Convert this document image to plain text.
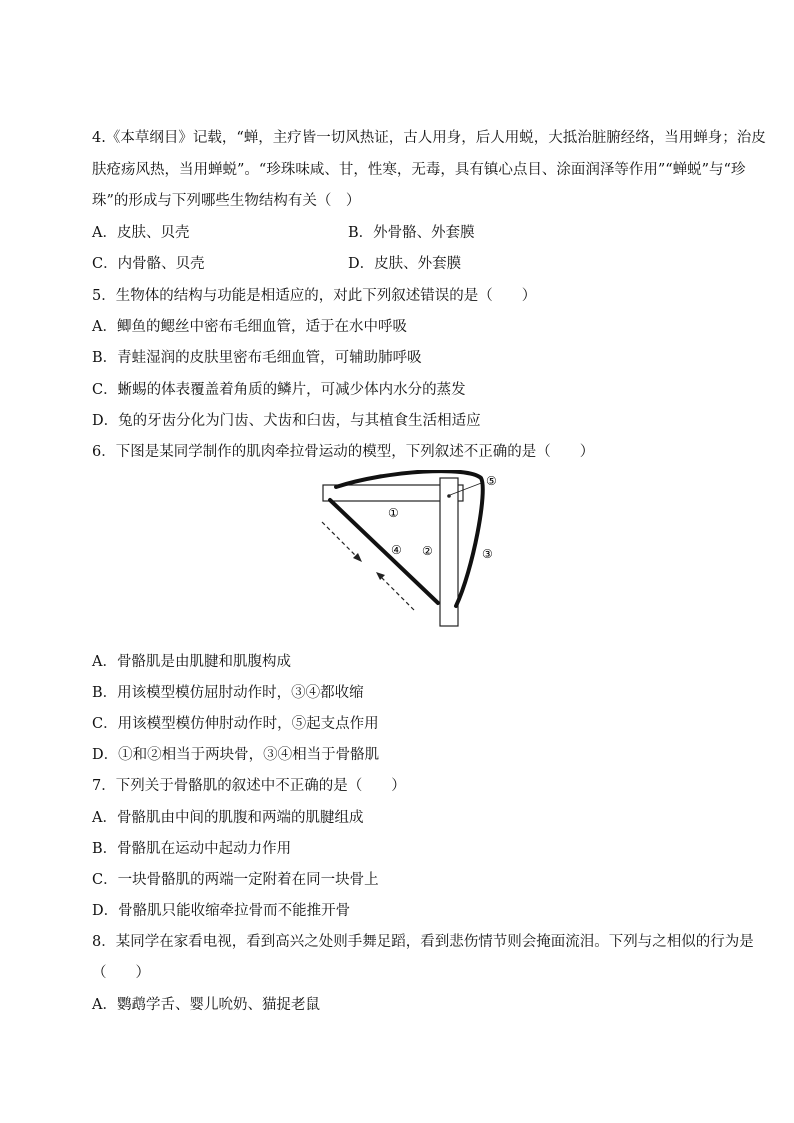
4.《本草纲目》记载，“蝉，主疗皆一切风热证，古人用身，后人用蜕，大抵治脏腑经络，当用蝉身；治皮
肤疮疡风热，当用蝉蜕”。“珍珠味咸、甘，性寒，无毒，具有镇心点目、涂面润泽等作用”“蝉蜕”与“珍
珠”的形成与下列哪些生物结构有关（　）
A．皮肤、贝壳	B．外骨骼、外套膜
C．内骨骼、贝壳	D．皮肤、外套膜
5．生物体的结构与功能是相适应的，对此下列叙述错误的是（　　）
A．鲫鱼的鳃丝中密布毛细血管，适于在水中呼吸
B．青蛙湿润的皮肤里密布毛细血管，可辅助肺呼吸
C．蜥蜴的体表覆盖着角质的鳞片，可减少体内水分的蒸发
D．兔的牙齿分化为门齿、犬齿和臼齿，与其植食生活相适应
6．下图是某同学制作的肌肉牵拉骨运动的模型，下列叙述不正确的是（　　）
①
②	③
④
⑤
A．骨骼肌是由肌腱和肌腹构成
B．用该模型模仿屈肘动作时，③④都收缩
C．用该模型模仿伸肘动作时，⑤起支点作用
D．①和②相当于两块骨，③④相当于骨骼肌
7．下列关于骨骼肌的叙述中不正确的是（　　）
A．骨骼肌由中间的肌腹和两端的肌腱组成
B．骨骼肌在运动中起动力作用
C．一块骨骼肌的两端一定附着在同一块骨上
D．骨骼肌只能收缩牵拉骨而不能推开骨
8．某同学在家看电视，看到高兴之处则手舞足蹈，看到悲伤情节则会掩面流泪。下列与之相似的行为是
（　　）
A．鹦鹉学舌、婴儿吮奶、猫捉老鼠
